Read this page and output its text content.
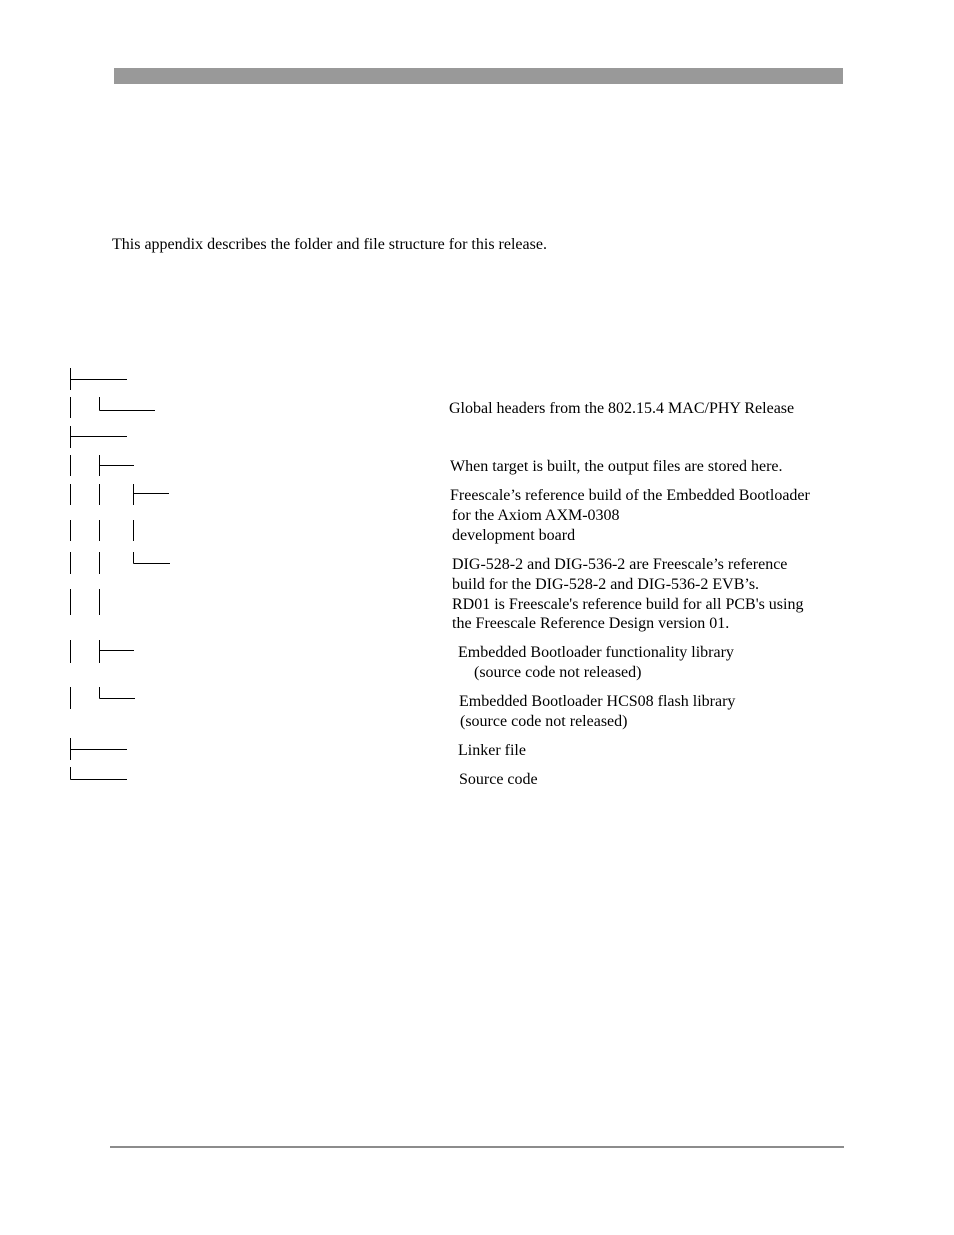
This appendix describes the folder and file structure for this release.
Global headers from the 802.15.4 MAC/PHY Release
When target is built, the output files are stored here.
Freescale’s reference build of the Embedded Bootloader
for the Axiom AXM-0308
development board
DIG-528-2 and DIG-536-2 are Freescale’s reference
build for the DIG-528-2 and DIG-536-2 EVB’s.
RD01 is Freescale's reference build for all PCB's using
the Freescale Reference Design version 01.
Embedded Bootloader functionality library
(source code not released)
Embedded Bootloader HCS08 flash library
(source code not released)
Linker file
Source code
